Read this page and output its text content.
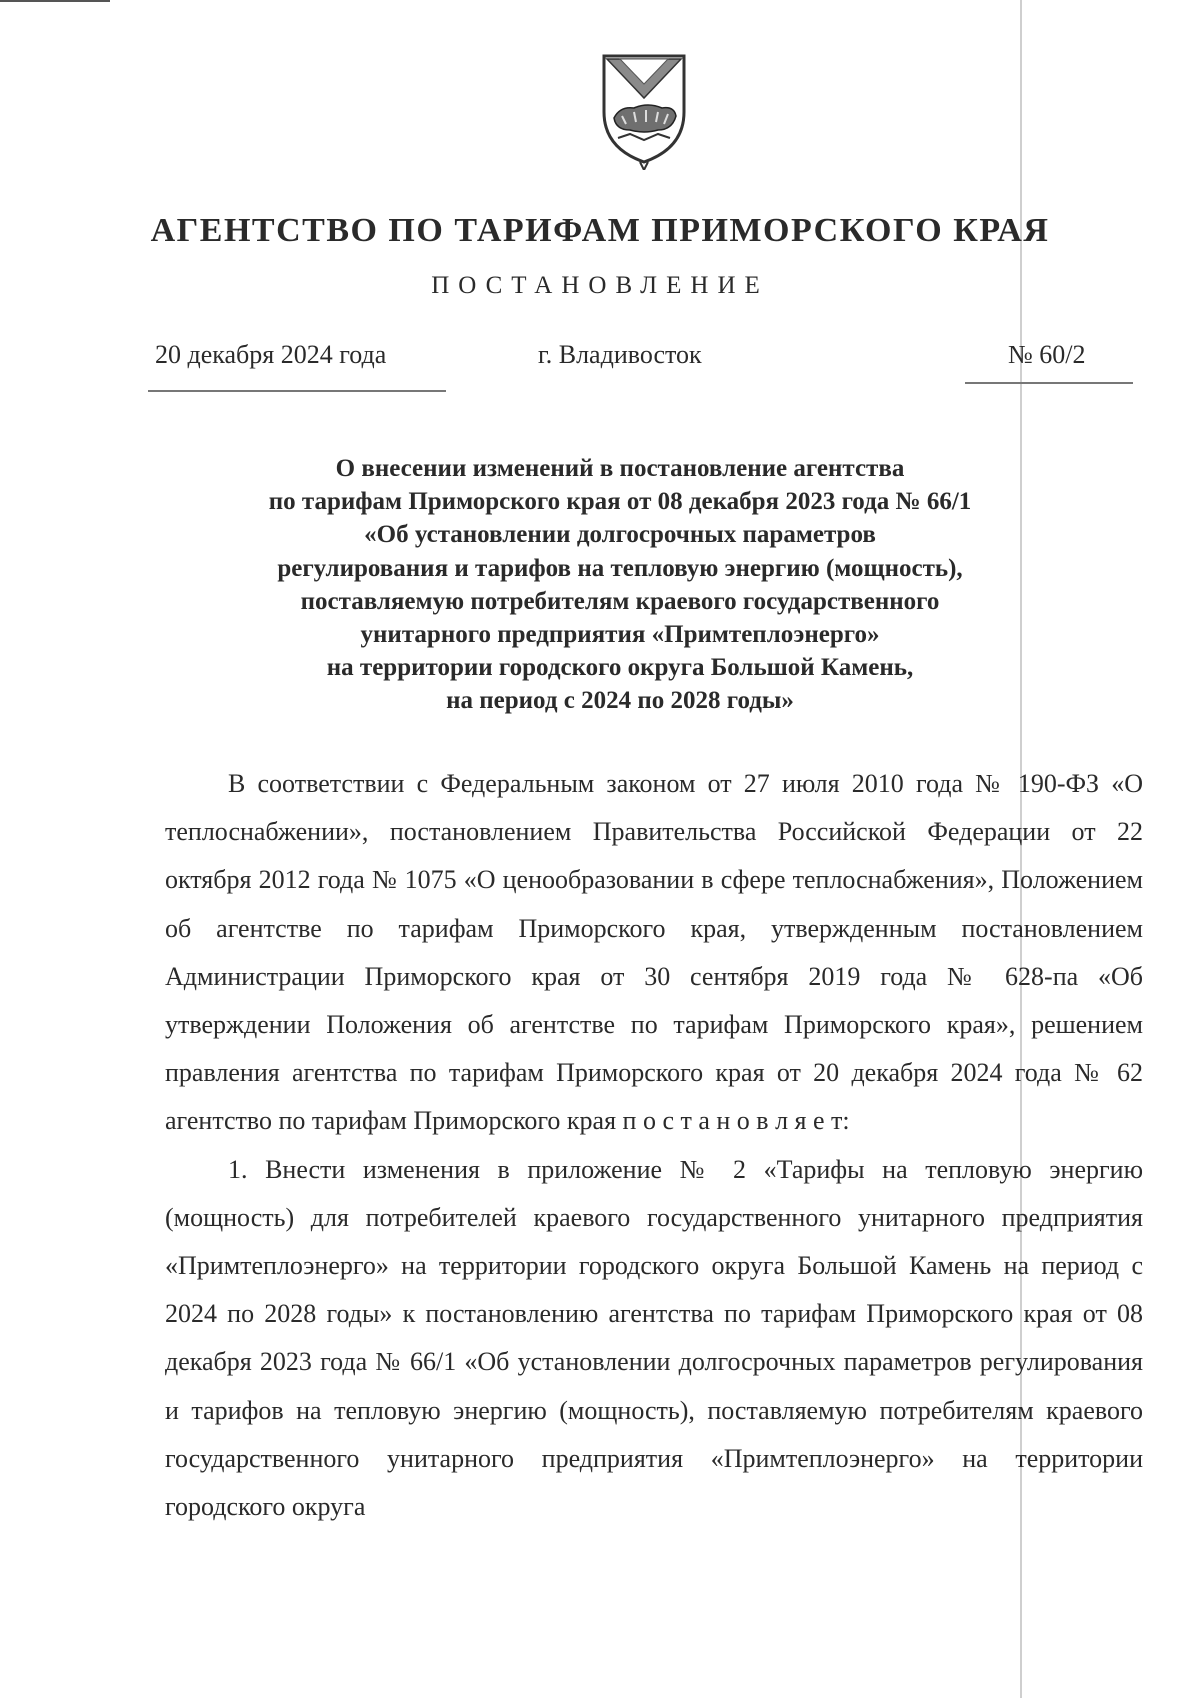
АГЕНТСТВО ПО ТАРИФАМ ПРИМОРСКОГО КРАЯ
ПОСТАНОВЛЕНИЕ
20 декабря 2024 года	г. Владивосток	№ 60/2
О внесении изменений в постановление агентства
по тарифам Приморского края от 08 декабря 2023 года № 66/1
«Об установлении долгосрочных параметров
регулирования и тарифов на тепловую энергию (мощность),
поставляемую потребителям краевого государственного
унитарного предприятия «Примтеплоэнерго»
на территории городского округа Большой Камень,
на период с 2024 по 2028 годы»

В соответствии с Федеральным законом от 27 июля 2010 года № 190-ФЗ «О теплоснабжении», постановлением Правительства Российской Федерации от 22 октября 2012 года № 1075 «О ценообразовании в сфере теплоснабжения», Положением об агентстве по тарифам Приморского края, утвержденным постановлением Администрации Приморского края от 30 сентября 2019 года № 628-па «Об утверждении Положения об агентстве по тарифам Приморского края», решением правления агентства по тарифам Приморского края от 20 декабря 2024 года № 62 агентство по тарифам Приморского края п о с т а н о в л я е т:

1. Внести изменения в приложение № 2 «Тарифы на тепловую энергию (мощность) для потребителей краевого государственного унитарного предприятия «Примтеплоэнерго» на территории городского округа Большой Камень на период с 2024 по 2028 годы» к постановлению агентства по тарифам Приморского края от 08 декабря 2023 года № 66/1 «Об установлении долгосрочных параметров регулирования и тарифов на тепловую энергию (мощность), поставляемую потребителям краевого государственного унитарного предприятия «Примтеплоэнерго» на территории городского округа
